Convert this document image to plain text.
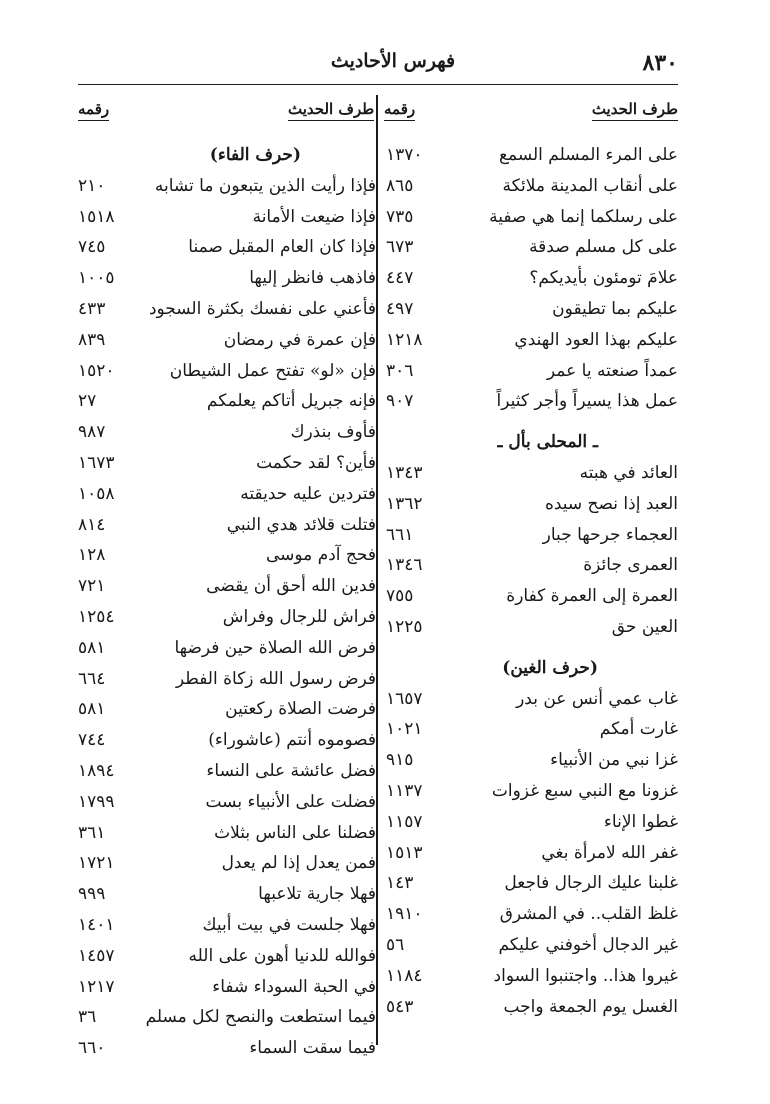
٨٣٠
فهرس الأحاديث
طرف الحديث
رقمه
طرف الحديث
رقمه
على المرء المسلم السمع
١٣٧٠
على أنقاب المدينة ملائكة
٨٦٥
على رسلكما إنما هي صفية
٧٣٥
على كل مسلم صدقة
٦٧٣
علامَ تومئون بأيديكم؟
٤٤٧
عليكم بما تطيقون
٤٩٧
عليكم بهذا العود الهندي
١٢١٨
عمداً صنعته يا عمر
٣٠٦
عمل هذا يسيراً وأجر كثيراً
٩٠٧
ـ المحلى بأل ـ
العائد في هبته
١٣٤٣
العبد إذا نصح سيده
١٣٦٢
العجماء جرحها جبار
٦٦١
العمرى جائزة
١٣٤٦
العمرة إلى العمرة كفارة
٧٥٥
العين حق
١٢٢٥
(حرف الغين)
غاب عمي أنس عن بدر
١٦٥٧
غارت أمكم
١٠٢١
غزا نبي من الأنبياء
٩١٥
غزونا مع النبي سبع غزوات
١١٣٧
غطوا الإناء
١١٥٧
غفر الله لامرأة بغي
١٥١٣
غلبنا عليك الرجال فاجعل
١٤٣
غلظ القلب.. في المشرق
١٩١٠
غير الدجال أخوفني عليكم
٥٦
غيروا هذا.. واجتنبوا السواد
١١٨٤
الغسل يوم الجمعة واجب
٥٤٣
(حرف الفاء)
فإذا رأيت الذين يتبعون ما تشابه
٢١٠
فإذا ضيعت الأمانة
١٥١٨
فإذا كان العام المقبل صمنا
٧٤٥
فاذهب فانظر إليها
١٠٠٥
فأعني على نفسك بكثرة السجود
٤٣٣
فإن عمرة في رمضان
٨٣٩
فإن «لو» تفتح عمل الشيطان
١٥٢٠
فإنه جبريل أتاكم يعلمكم
٢٧
فأوف بنذرك
٩٨٧
فأين؟ لقد حكمت
١٦٧٣
فتردين عليه حديقته
١٠٥٨
فتلت قلائد هدي النبي
٨١٤
فحج آدم موسى
١٢٨
فدين الله أحق أن يقضى
٧٢١
فراش للرجال وفراش
١٢٥٤
فرض الله الصلاة حين فرضها
٥٨١
فرض رسول الله زكاة الفطر
٦٦٤
فرضت الصلاة ركعتين
٥٨١
فصوموه أنتم (عاشوراء)
٧٤٤
فضل عائشة على النساء
١٨٩٤
فضلت على الأنبياء بست
١٧٩٩
فضلنا على الناس بثلاث
٣٦١
فمن يعدل إذا لم يعدل
١٧٢١
فهلا جارية تلاعبها
٩٩٩
فهلا جلست في بيت أبيك
١٤٠١
فوالله للدنيا أهون على الله
١٤٥٧
في الحبة السوداء شفاء
١٢١٧
فيما استطعت والنصح لكل مسلم
٣٦
فيما سقت السماء
٦٦٠
